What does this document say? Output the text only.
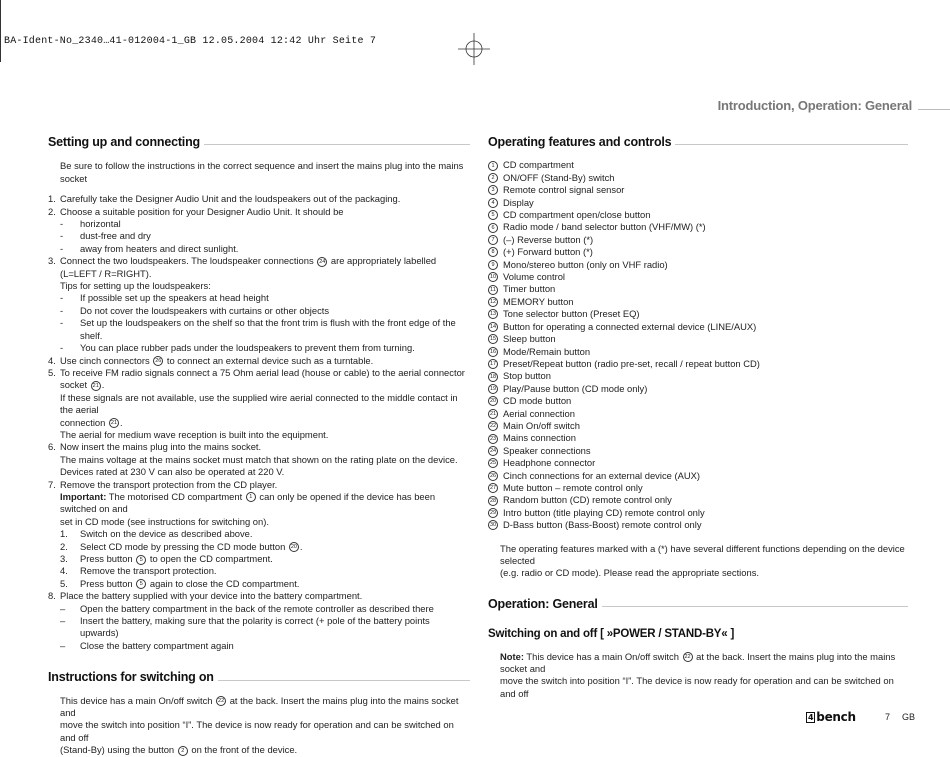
BA-Ident-No_2340…41-012004-1_GB 12.05.2004 12:42 Uhr Seite 7
Introduction, Operation: General
Setting up and connecting
Be sure to follow the instructions in the correct sequence and insert the mains plug into the mains socket
1. Carefully take the Designer Audio Unit and the loudspeakers out of the packaging.
2. Choose a suitable position for your Designer Audio Unit. It should be
-	horizontal
-	dust-free and dry
-	away from heaters and direct sunlight.
3. Connect the two loudspeakers. The loudspeaker connections 24 are appropriately labelled
(L=LEFT / R=RIGHT).
Tips for setting up the loudspeakers:
-	If possible set up the speakers at head height
-	Do not cover the loudspeakers with curtains or other objects
-	Set up the loudspeakers on the shelf so that the front trim is flush with the front edge of the shelf.
-	You can place rubber pads under the loudspeakers to prevent them from turning.
4. Use cinch connectors 26 to connect an external device such as a turntable.
5. To receive FM radio signals connect a 75 Ohm aerial lead (house or cable) to the aerial connector socket 21 .
If these signals are not available, use the supplied wire aerial connected to the middle contact in the aerial
connection 21 .
The aerial for medium wave reception is built into the equipment.
6. Now insert the mains plug into the mains socket.
The mains voltage at the mains socket must match that shown on the rating plate on the device.
Devices rated at 230 V can also be operated at 220 V.
7. Remove the transport protection from the CD player.
Important: The motorised CD compartment 1 can only be opened if the device has been switched on and
set in CD mode (see instructions for switching on).
1.	Switch on the device as described above.
2.	Select CD mode by pressing the CD mode button 20 .
3.	Press button 5 to open the CD compartment.
4.	Remove the transport protection.
5.	Press button 5 again to close the CD compartment.
8. Place the battery supplied with your device into the battery compartment.
–	Open the battery compartment in the back of the remote controller as described there
–	Insert the battery, making sure that the polarity is correct (+ pole of the battery points upwards)
–	Close the battery compartment again
Instructions for switching on
This device has a main On/off switch 22 at the back. Insert the mains plug into the mains socket and
move the switch into position “I”. The device is now ready for operation and can be switched on and off
(Stand-By) using the button 2 on the front of the device.
Operating features and controls
1 CD compartment
2 ON/OFF (Stand-By) switch
3 Remote control signal sensor
4 Display
5 CD compartment open/close button
6 Radio mode / band selector button (VHF/MW) (*)
7 (–) Reverse button (*)
8 (+) Forward button (*)
9 Mono/stereo button (only on VHF radio)
10 Volume control
11 Timer button
12 MEMORY button
13 Tone selector button (Preset EQ)
14 Button for operating a connected external device (LINE/AUX)
15 Sleep button
16 Mode/Remain button
17 Preset/Repeat button (radio pre-set, recall / repeat button CD)
18 Stop button
19 Play/Pause button (CD mode only)
20 CD mode button
21 Aerial connection
22 Main On/off switch
23 Mains connection
24 Speaker connections
25 Headphone connector
26 Cinch connections for an external device (AUX)
27 Mute button – remote control only
28 Random button (CD) remote control only
29 Intro button (title playing CD) remote control only
30 D-Bass button (Bass-Boost) remote control only
The operating features marked with a (*) have several different functions depending on the device selected
(e.g. radio or CD mode). Please read the appropriate sections.
Operation: General
Switching on and off [ »POWER / STAND-BY« ]
Note: This device has a main On/off switch 22 at the back. Insert the mains plug into the mains socket and
move the switch into position “I”. The device is now ready for operation and can be switched on and off
4 bench	7 GB
